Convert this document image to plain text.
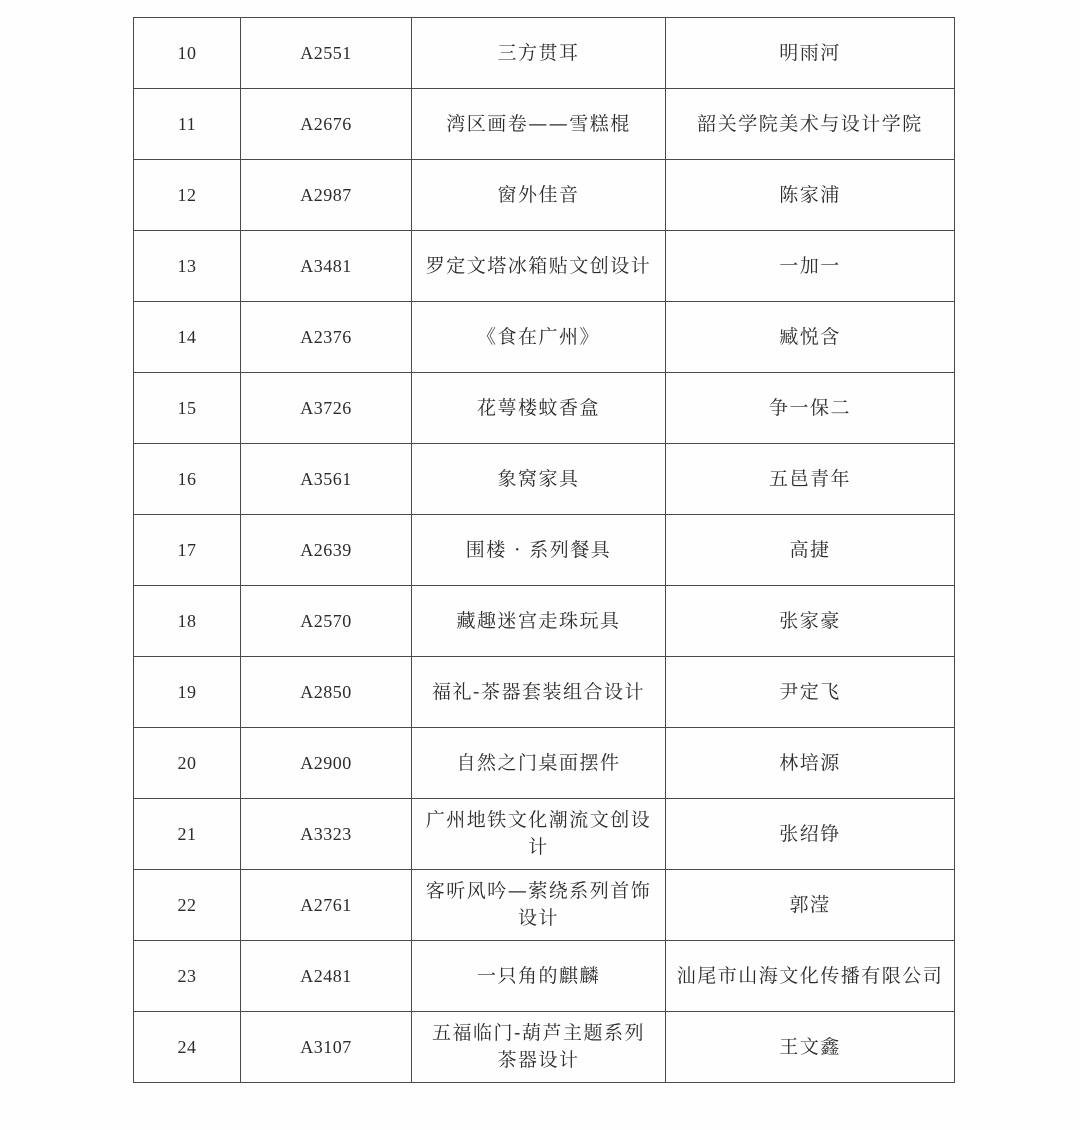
10	A2551	三方贯耳	明雨河
11	A2676	湾区画卷——雪糕棍	韶关学院美术与设计学院
12	A2987	窗外佳音	陈家浦
13	A3481	罗定文塔冰箱贴文创设计	一加一
14	A2376	《食在广州》	臧悦含
15	A3726	花萼楼蚊香盒	争一保二
16	A3561	象窝家具	五邑青年
17	A2639	围楼 · 系列餐具	高捷
18	A2570	藏趣迷宫走珠玩具	张家豪
19	A2850	福礼-茶器套装组合设计	尹定飞
20	A2900	自然之门桌面摆件	林培源
21	A3323	广州地铁文化潮流文创设计	张绍铮
22	A2761	客听风吟—萦绕系列首饰设计	郭滢
23	A2481	一只角的麒麟	汕尾市山海文化传播有限公司
24	A3107	五福临门-葫芦主题系列茶器设计	王文鑫
